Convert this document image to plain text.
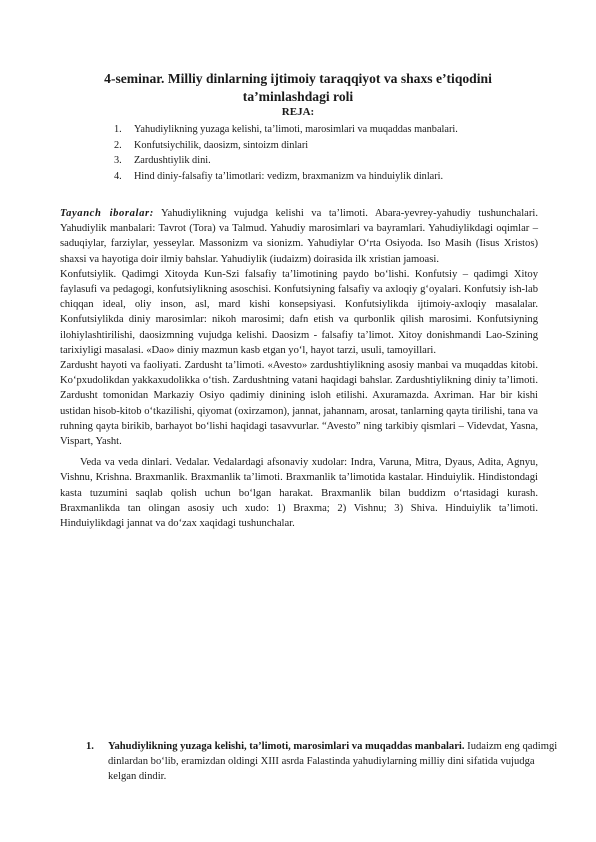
4-seminar. Milliy dinlarning ijtimoiy taraqqiyot va shaxs e’tiqodini ta’minlashdagi roli
REJA:
1. Yahudiylikning yuzaga kelishi, ta’limoti, marosimlari va muqaddas manbalari.
2. Konfutsiychilik, daosizm, sintoizm dinlari
3. Zardushtiylik dini.
4. Hind diniy-falsafiy ta’limotlari: vedizm, braxmanizm va hinduiylik dinlari.

Tayanch iboralar: Yahudiylikning vujudga kelishi va ta’limoti. Abara-yevrey-yahudiy tushunchalari. Yahudiylik manbalari: Tavrot (Tora) va Talmud. Yahudiy marosimlari va bayramlari. Yahudiylikdagi oqimlar – saduqiylar, farziylar, yesseylar. Massonizm va sionizm. Yahudiylar O‘rta Osiyoda. Iso Masih (Iisus Xristos) shaxsi va hayotiga doir ilmiy bahslar. Yahudiylik (iudaizm) doirasida ilk xristian jamoasi.

Konfutsiylik. Qadimgi Xitoyda Kun-Szi falsafiy ta’limotining paydo bo‘lishi. Konfutsiy – qadimgi Xitoy faylasufi va pedagogi, konfutsiylikning asoschisi. Konfutsiyning falsafiy va axloqiy g‘oyalari. Konfutsiy ish-lab chiqqan ideal, oliy inson, asl, mard kishi konsepsiyasi. Konfutsiylikda ijtimoiy-axloqiy masalalar. Konfutsiylikda diniy marosimlar: nikoh marosimi; dafn etish va qurbonlik qilish marosimi. Konfutsiyning ilohiylashtirilishi, daosizmning vujudga kelishi. Daosizm - falsafiy ta’limot. Xitoy donishmandi Lao-Szining tarixiyligi masalasi. «Dao» diniy mazmun kasb etgan yo‘l, hayot tarzi, usuli, tamoyillari.

Zardusht hayoti va faoliyati. Zardusht ta’limoti. «Avesto» zardushtiylikning asosiy manbai va muqaddas kitobi. Ko‘pxudolikdan yakkaxudolikka o‘tish. Zardushtning vatani haqidagi bahslar. Zardushtiylikning diniy ta’limoti. Zardusht tomonidan Markaziy Osiyo qadimiy dinining isloh etilishi. Axuramazda. Axriman. Har bir kishi ustidan hisob-kitob o‘tkazilishi, qiyomat (oxirzamon), jannat, jahannam, arosat, tanlarning qayta tirilishi, tana va ruhning qayta birikib, barhayot bo‘lishi haqidagi tasavvurlar. “Avesto” ning tarkibiy qismlari – Videvdat, Yasna, Vispart, Yasht.

Veda va veda dinlari. Vedalar. Vedalardagi afsonaviy xudolar: Indra, Varuna, Mitra, Dyaus, Adita, Agnyu, Vishnu, Krishna. Braxmanlik. Braxmanlik ta’limoti. Braxmanlik ta’limotida kastalar. Hinduiylik. Hindistondagi kasta tuzumini saqlab qolish uchun bo‘lgan harakat. Braxmanlik bilan buddizm o‘rtasidagi kurash. Braxmanlikda tan olingan asosiy uch xudo: 1) Braxma; 2) Vishnu; 3) Shiva. Hinduiylik ta’limoti. Hinduiylikdagi jannat va do‘zax xaqidagi tushunchalar.

1. Yahudiylikning yuzaga kelishi, ta’limoti, marosimlari va muqaddas manbalari. Iudaizm eng qadimgi dinlardan bo‘lib, eramizdan oldingi XIII asrda Falastinda yahudiylarning milliy dini sifatida vujudga kelgan dindir.
